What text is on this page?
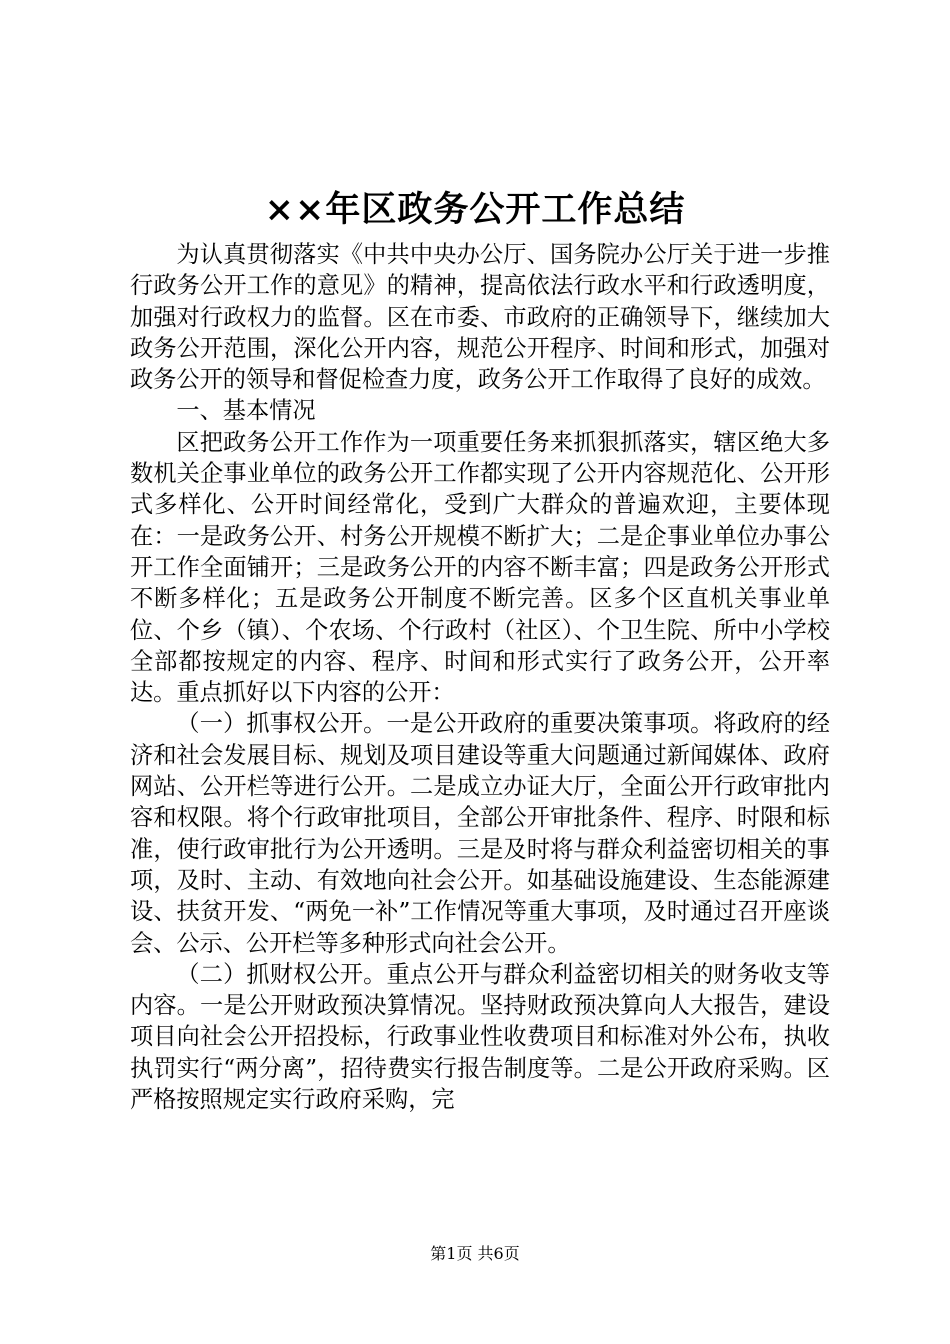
××年区政务公开工作总结

为认真贯彻落实《中共中央办公厅、国务院办公厅关于进一步推行政务公开工作的意见》的精神，提高依法行政水平和行政透明度，加强对行政权力的监督。区在市委、市政府的正确领导下，继续加大政务公开范围，深化公开内容，规范公开程序、时间和形式，加强对政务公开的领导和督促检查力度，政务公开工作取得了良好的成效。

一、基本情况

区把政务公开工作作为一项重要任务来抓狠抓落实，辖区绝大多数机关企事业单位的政务公开工作都实现了公开内容规范化、公开形式多样化、公开时间经常化，受到广大群众的普遍欢迎，主要体现在：一是政务公开、村务公开规模不断扩大；二是企事业单位办事公开工作全面铺开；三是政务公开的内容不断丰富；四是政务公开形式不断多样化；五是政务公开制度不断完善。区多个区直机关事业单位、个乡（镇）、个农场、个行政村（社区）、个卫生院、所中小学校全部都按规定的内容、程序、时间和形式实行了政务公开，公开率达。重点抓好以下内容的公开：

（一）抓事权公开。一是公开政府的重要决策事项。将政府的经济和社会发展目标、规划及项目建设等重大问题通过新闻媒体、政府网站、公开栏等进行公开。二是成立办证大厅，全面公开行政审批内容和权限。将个行政审批项目，全部公开审批条件、程序、时限和标准，使行政审批行为公开透明。三是及时将与群众利益密切相关的事项，及时、主动、有效地向社会公开。如基础设施建设、生态能源建设、扶贫开发、“两免一补”工作情况等重大事项，及时通过召开座谈会、公示、公开栏等多种形式向社会公开。

（二）抓财权公开。重点公开与群众利益密切相关的财务收支等内容。一是公开财政预决算情况。坚持财政预决算向人大报告，建设项目向社会公开招投标，行政事业性收费项目和标准对外公布，执收执罚实行“两分离”，招待费实行报告制度等。二是公开政府采购。区严格按照规定实行政府采购，完

第1页 共6页
